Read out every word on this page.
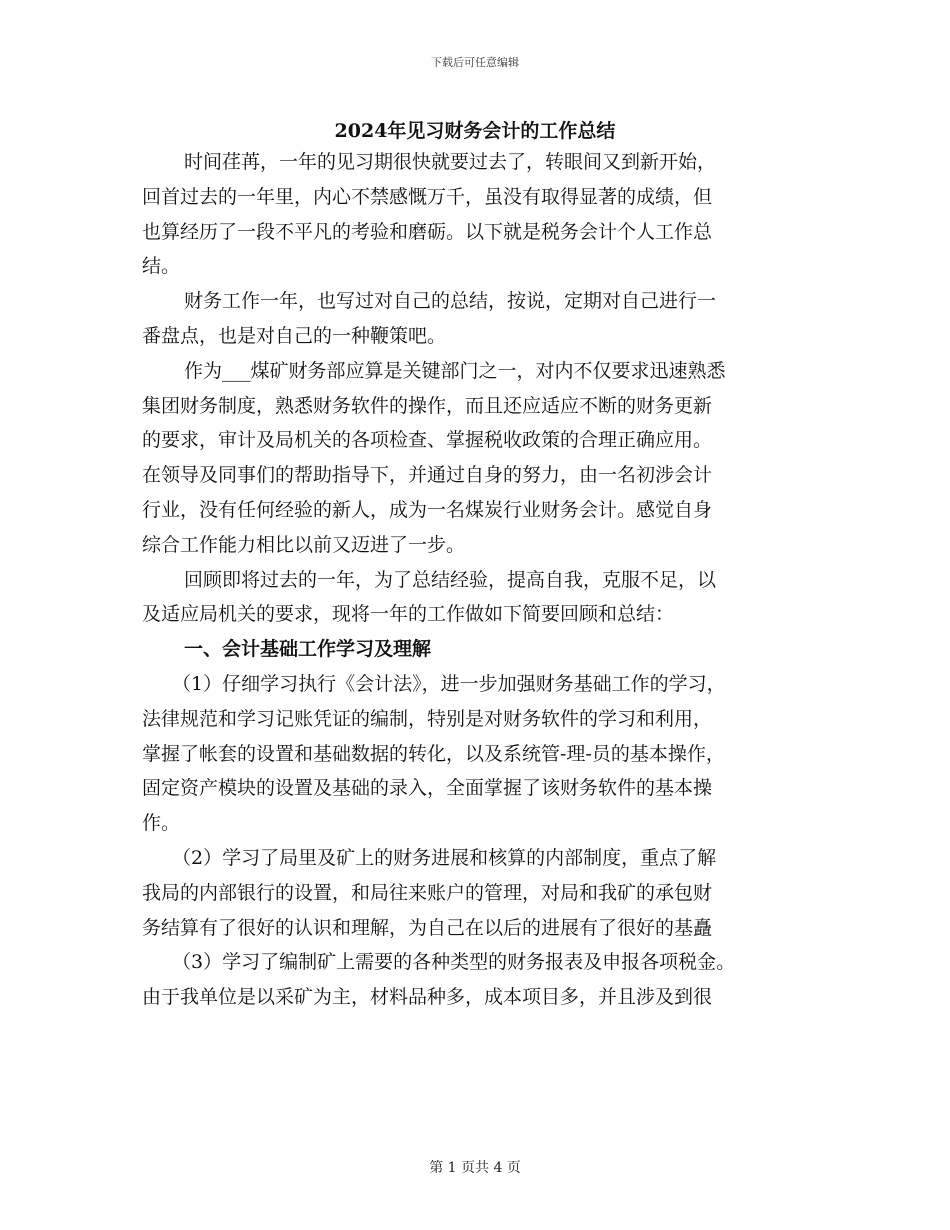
下载后可任意编辑
2024年见习财务会计的工作总结
时间荏苒，一年的见习期很快就要过去了，转眼间又到新开始，
回首过去的一年里，内心不禁感慨万千，虽没有取得显著的成绩，但
也算经历了一段不平凡的考验和磨砺。以下就是税务会计个人工作总
结。
财务工作一年，也写过对自己的总结，按说，定期对自己进行一
番盘点，也是对自己的一种鞭策吧。
作为___煤矿财务部应算是关键部门之一，对内不仅要求迅速熟悉
集团财务制度，熟悉财务软件的操作，而且还应适应不断的财务更新
的要求，审计及局机关的各项检查、掌握税收政策的合理正确应用。
在领导及同事们的帮助指导下，并通过自身的努力，由一名初涉会计
行业，没有任何经验的新人，成为一名煤炭行业财务会计。感觉自身
综合工作能力相比以前又迈进了一步。
回顾即将过去的一年，为了总结经验，提高自我，克服不足，以
及适应局机关的要求，现将一年的工作做如下简要回顾和总结：
一、会计基础工作学习及理解
（1）仔细学习执行《会计法》，进一步加强财务基础工作的学习，
法律规范和学习记账凭证的编制，特别是对财务软件的学习和利用，
掌握了帐套的设置和基础数据的转化，以及系统管-理-员的基本操作，
固定资产模块的设置及基础的录入，全面掌握了该财务软件的基本操
作。
（2）学习了局里及矿上的财务进展和核算的内部制度，重点了解
我局的内部银行的设置，和局往来账户的管理，对局和我矿的承包财
务结算有了很好的认识和理解，为自己在以后的进展有了很好的基矗
（3）学习了编制矿上需要的各种类型的财务报表及申报各项税金。
由于我单位是以采矿为主，材料品种多，成本项目多，并且涉及到很
第 1 页共 4 页
